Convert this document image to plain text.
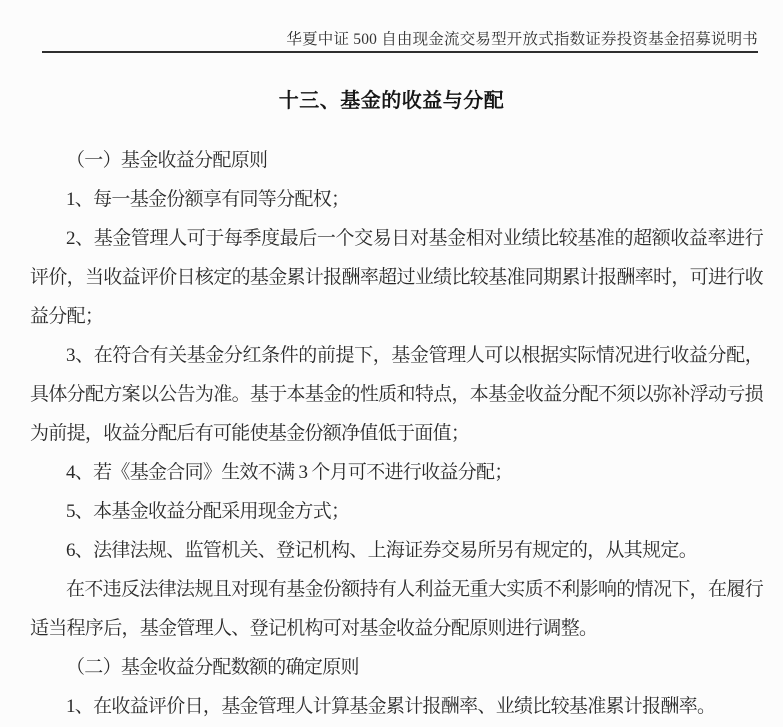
华夏中证 500 自由现金流交易型开放式指数证券投资基金招募说明书
十三、基金的收益与分配

（一）基金收益分配原则

1、每一基金份额享有同等分配权；

2、基金管理人可于每季度最后一个交易日对基金相对业绩比较基准的超额收益率进行评价，当收益评价日核定的基金累计报酬率超过业绩比较基准同期累计报酬率时，可进行收益分配；

3、在符合有关基金分红条件的前提下，基金管理人可以根据实际情况进行收益分配，具体分配方案以公告为准。基于本基金的性质和特点，本基金收益分配不须以弥补浮动亏损为前提，收益分配后有可能使基金份额净值低于面值；

4、若《基金合同》生效不满 3 个月可不进行收益分配；

5、本基金收益分配采用现金方式；

6、法律法规、监管机关、登记机构、上海证券交易所另有规定的，从其规定。

在不违反法律法规且对现有基金份额持有人利益无重大实质不利影响的情况下，在履行适当程序后，基金管理人、登记机构可对基金收益分配原则进行调整。

（二）基金收益分配数额的确定原则

1、在收益评价日，基金管理人计算基金累计报酬率、业绩比较基准累计报酬率。
